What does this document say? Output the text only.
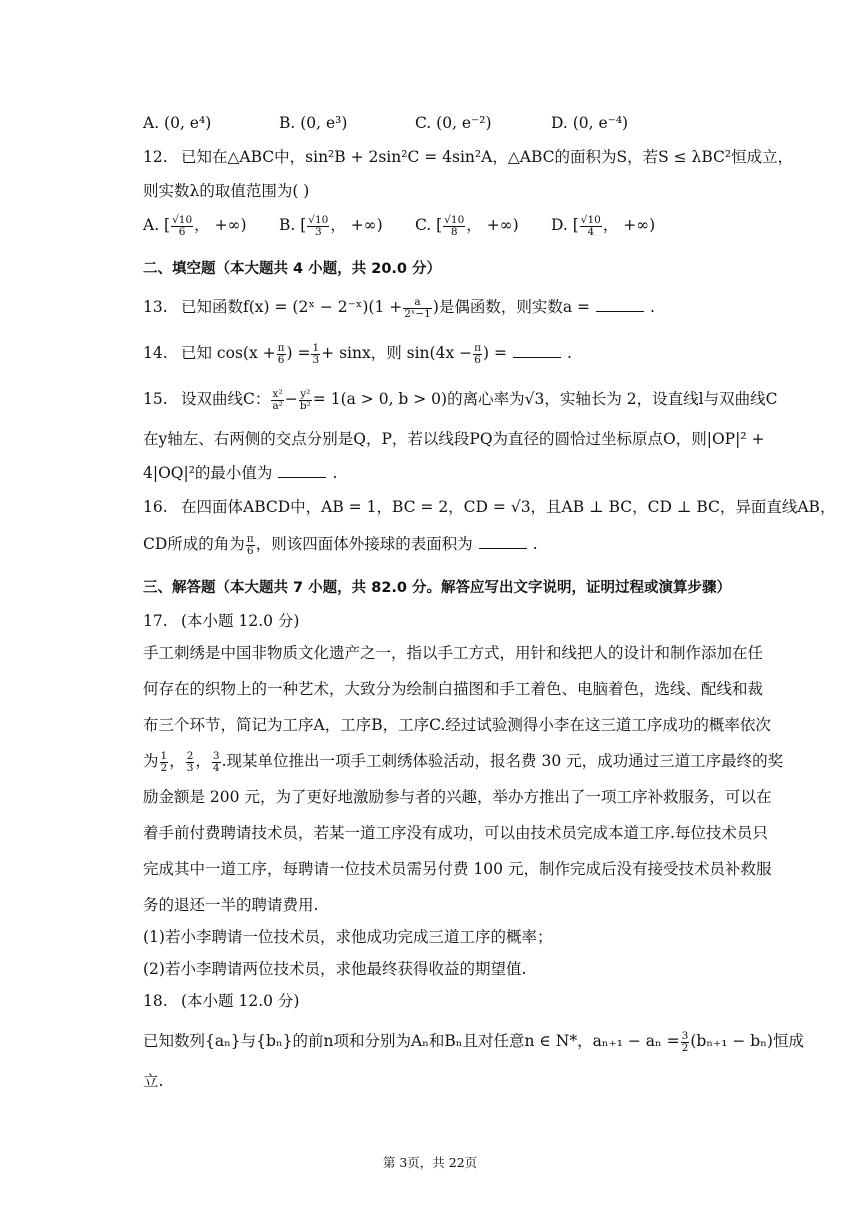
A. (0, e⁴)	B. (0, e³)	C. (0, e⁻²)	D. (0, e⁻⁴)
12. 已知在△ABC中，sin²B + 2sin²C = 4sin²A，△ABC的面积为S，若S ≤ λBC²恒成立，
则实数λ的取值范围为( )
A. [ $\frac{√10}{6}$ ， +∞) B. [ $\frac{√10}{3}$ ， +∞) C. [ $\frac{√10}{8}$ ， +∞) D. [ $\frac{√10}{4}$ ， +∞)
二、填空题（本大题共 4 小题，共 20.0 分）
13. 已知函数f(x) = (2ˣ − 2⁻ˣ)(1 + $\frac{a}{\text{2ˣ−1}}$ )是偶函数，则实数a =	.
14. 已知 $\cos(x + \frac{\pi}{6}$ ) = $\frac{1}{3} + \sin x$，则 $\sin(4x - \frac{\pi}{6}$ ) =	.
15. 设双曲线C： $\frac{\text{x²}}{\text{a²}} - \frac{\text{y²}}{\text{b²}} = 1(a > 0$, b > 0)的离心率为√3，实轴长为 2，设直线l与双曲线C
在y轴左、右两侧的交点分别是Q，P，若以线段PQ为直径的圆恰过坐标原点O，则|OP|² +
4|OQ|²的最小值为	.
16. 在四面体ABCD中，AB = 1，BC = 2，CD = √3，且AB ⊥ BC，CD ⊥ BC，异面直线AB，
CD所成的角为 $\frac{\pi}{6}$ ，则该四面体外接球的表面积为	.
三、解答题（本大题共 7 小题，共 82.0 分。解答应写出文字说明，证明过程或演算步骤）
17. (本小题 12.0 分)
手工刺绣是中国非物质文化遗产之一，指以手工方式，用针和线把人的设计和制作添加在任
何存在的织物上的一种艺术，大致分为绘制白描图和手工着色、电脑着色，选线、配线和裁
布三个环节，简记为工序A，工序B，工序C.经过试验测得小李在这三道工序成功的概率依次
为 $\frac{1}{2}$ ， $\frac{2}{3}$ ， $\frac{3}{4}$ .现某单位推出一项手工刺绣体验活动，报名费 30 元，成功通过三道工序最终的奖
励金额是 200 元，为了更好地激励参与者的兴趣，举办方推出了一项工序补救服务，可以在
着手前付费聘请技术员，若某一道工序没有成功，可以由技术员完成本道工序.每位技术员只
完成其中一道工序，每聘请一位技术员需另付费 100 元，制作完成后没有接受技术员补救服
务的退还一半的聘请费用.
(1)若小李聘请一位技术员，求他成功完成三道工序的概率；
(2)若小李聘请两位技术员，求他最终获得收益的期望值.
18. (本小题 12.0 分)
已知数列{aₙ}与{bₙ}的前n项和分别为Aₙ和Bₙ且对任意n ∈ N*，$a_{n+1} - a_n = \frac{3}{2} (b_{n+1} - b_n)$恒成
立.
第 3页，共 22页
